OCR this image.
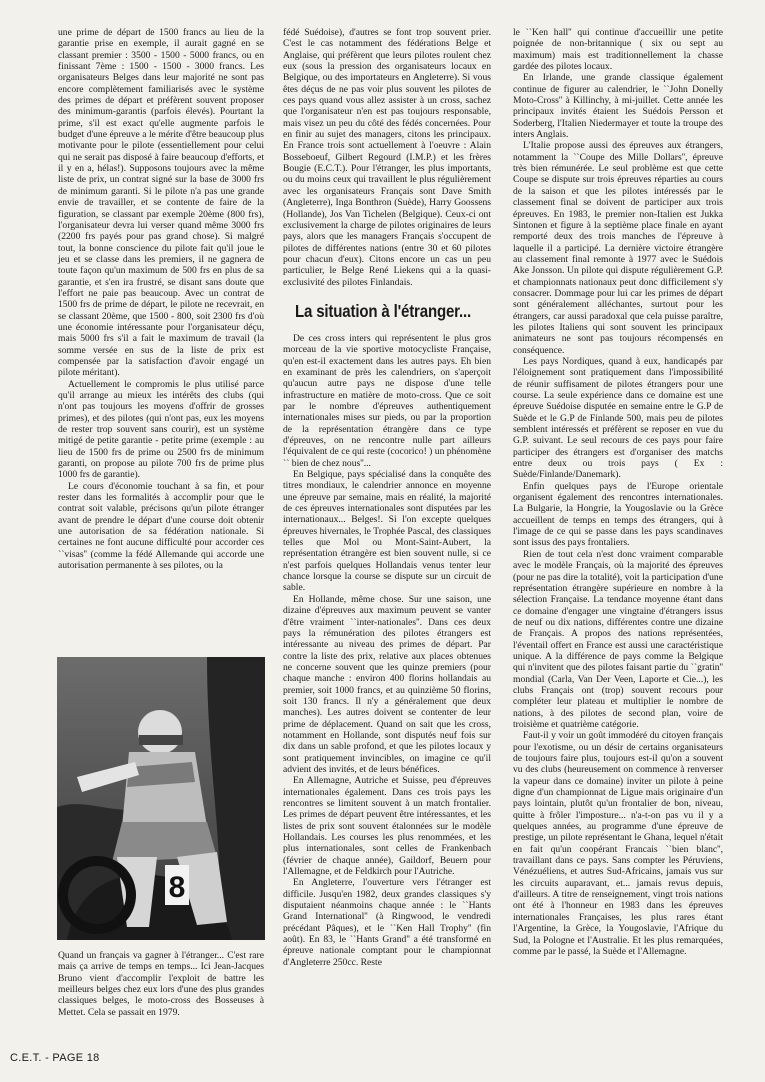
une prime de départ de 1500 francs au lieu de la garantie prise en exemple, il aurait gagné en se classant premier : 3500 - 1500 - 5000 francs, ou en finissant 7ème : 1500 - 1500 - 3000 francs. Les organisateurs Belges dans leur majorité ne sont pas encore complètement familiarisés avec le système des primes de départ et préfèrent souvent proposer des minimum-garantis (parfois élevés). Pourtant la prime, s'il est exact qu'elle augmente parfois le budget d'une épreuve a le mérite d'être beaucoup plus motivante pour le pilote (essentiellement pour celui qui ne serait pas disposé à faire beaucoup d'efforts, et il y en a, hélas!). Supposons toujours avec la même liste de prix, un contrat signé sur la base de 3000 frs de minimum garanti. Si le pilote n'a pas une grande envie de travailler, et se contente de faire de la figuration, se classant par exemple 20ème (800 frs), l'organisateur devra lui verser quand même 3000 frs (2200 frs payés pour pas grand chose). Si malgré tout, la bonne conscience du pilote fait qu'il joue le jeu et se classe dans les premiers, il ne gagnera de toute façon qu'un maximum de 500 frs en plus de sa garantie, et s'en ira frustré, se disant sans doute que l'effort ne paie pas beaucoup. Avec un contrat de 1500 frs de prime de départ, le pilote ne recevrait, en se classant 20ème, que 1500 - 800, soit 2300 frs d'où une économie intéressante pour l'organisateur déçu, mais 5000 frs s'il a fait le maximum de travail (la somme versée en sus de la liste de prix est compensée par la satisfaction d'avoir engagé un pilote méritant).

Actuellement le compromis le plus utilisé parce qu'il arrange au mieux les intérêts des clubs (qui n'ont pas toujours les moyens d'offrir de grosses primes), et des pilotes (qui n'ont pas, eux les moyens de rester trop souvent sans courir), est un système mitigé de petite garantie - petite prime (exemple : au lieu de 1500 frs de prime ou 2500 frs de minimum garanti, on propose au pilote 700 frs de prime plus 1000 frs de garantie).

Le cours d'économie touchant à sa fin, et pour rester dans les formalités à accomplir pour que le contrat soit valable, précisons qu'un pilote étranger avant de prendre le départ d'une course doit obtenir une autorisation de sa fédération nationale. Si certaines ne font aucune difficulté pour accorder ces ``visas'' (comme la fédé Allemande qui accorde une autorisation permanente à ses pilotes, ou la

8

Quand un français va gagner à l'étranger... C'est rare mais ça arrive de temps en temps... Ici Jean-Jacques Bruno vient d'accomplir l'exploit de battre les meilleurs belges chez eux lors d'une des plus grandes classiques belges, le moto-cross des Bosseuses à Mettet. Cela se passait en 1979.

fédé Suédoise), d'autres se font trop souvent prier. C'est le cas notamment des fédérations Belge et Anglaise, qui préfèrent que leurs pilotes roulent chez eux (sous la pression des organisateurs locaux en Belgique, ou des importateurs en Angleterre). Si vous êtes déçus de ne pas voir plus souvent les pilotes de ces pays quand vous allez assister à un cross, sachez que l'organisateur n'en est pas toujours responsable, mais visez un peu du côté des fédés concernées. Pour en finir au sujet des managers, citons les principaux. En France trois sont actuellement à l'oeuvre : Alain Bosseboeuf, Gilbert Regourd (I.M.P.) et les frères Bougie (E.C.T.). Pour l'étranger, les plus importants, ou du moins ceux qui travaillent le plus régulièrement avec les organisateurs Français sont Dave Smith (Angleterre), Inga Bonthron (Suède), Harry Goossens (Hollande), Jos Van Tichelen (Belgique). Ceux-ci ont exclusivement la charge de pilotes originaires de leurs pays, alors que les managers Français s'occupent de pilotes de différentes nations (entre 30 et 60 pilotes pour chacun d'eux). Citons encore un cas un peu particulier, le Belge René Liekens qui a la quasi-exclusivité des pilotes Finlandais.

La situation à l'étranger...

De ces cross inters qui représentent le plus gros morceau de la vie sportive motocycliste Française, qu'en est-il exactement dans les autres pays. Eh bien en examinant de près les calendriers, on s'aperçoit qu'aucun autre pays ne dispose d'une telle infrastructure en matière de moto-cross. Que ce soit par le nombre d'épreuves authentiquement internationales mises sur pieds, ou par la proportion de la représentation étrangère dans ce type d'épreuves, on ne rencontre nulle part ailleurs l'équivalent de ce qui reste (cocorico! ) un phénomène `` bien de chez nous''...

En Belgique, pays spécialisé dans la conquête des titres mondiaux, le calendrier annonce en moyenne une épreuve par semaine, mais en réalité, la majorité de ces épreuves internationales sont disputées par les internationaux... Belges!. Si l'on excepte quelques épreuves hivernales, le Trophée Pascal, des classiques telles que Mol ou Mont-Saint-Aubert, la représentation étrangère est bien souvent nulle, si ce n'est parfois quelques Hollandais venus tenter leur chance lorsque la course se dispute sur un circuit de sable.

En Hollande, même chose. Sur une saison, une dizaine d'épreuves aux maximum peuvent se vanter d'être vraiment ``inter-nationales''. Dans ces deux pays la rémunération des pilotes étrangers est intéressante au niveau des primes de départ. Par contre la liste des prix, relative aux places obtenues ne concerne souvent que les quinze premiers (pour chaque manche : environ 400 florins hollandais au premier, soit 1000 francs, et au quinzième 50 florins, soit 130 francs. Il n'y a généralement que deux manches). Les autres doivent se contenter de leur prime de déplacement. Quand on sait que les cross, notamment en Hollande, sont disputés neuf fois sur dix dans un sable profond, et que les pilotes locaux y sont pratiquement invincibles, on imagine ce qu'il advient des invités, et de leurs bénéfices.

En Allemagne, Autriche et Suisse, peu d'épreuves internationales également. Dans ces trois pays les rencontres se limitent souvent à un match frontalier. Les primes de départ peuvent être intéressantes, et les listes de prix sont souvent étalonnées sur le modèle Hollandais. Les courses les plus renommées, et les plus internationales, sont celles de Frankenbach (février de chaque année), Gaildorf, Beuern pour l'Allemagne, et de Feldkirch pour l'Autriche.

En Angleterre, l'ouverture vers l'étranger est difficile. Jusqu'en 1982, deux grandes classiques s'y disputaient néanmoins chaque année : le ``Hants Grand International'' (à Ringwood, le vendredi précédant Pâques), et le ``Ken Hall Trophy'' (fin août). En 83, le ``Hants Grand'' a été transformé en épreuve nationale comptant pour le championnat d'Angleterre 250cc. Reste

le ``Ken hall'' qui continue d'accueillir une petite poignée de non-britannique ( six ou sept au maximum) mais est traditionnellement la chasse gardée des pilotes locaux.

En Irlande, une grande classique également continue de figurer au calendrier, le ``John Donelly Moto-Cross'' à Killinchy, à mi-juillet. Cette année les principaux invités étaient les Suédois Persson et Soderberg, l'Italien Niedermayer et toute la troupe des inters Anglais.

L'Italie propose aussi des épreuves aux étrangers, notamment la ``Coupe des Mille Dollars'', épreuve très bien rémunérée. Le seul problème est que cette Coupe se dispute sur trois épreuves réparties au cours de la saison et que les pilotes intéressés par le classement final se doivent de participer aux trois épreuves. En 1983, le premier non-Italien est Jukka Sintonen et figure à la septième place finale en ayant remporté deux des trois manches de l'épreuve à laquelle il a participé. La dernière victoire étrangère au classement final remonte à 1977 avec le Suédois Ake Jonsson. Un pilote qui dispute régulièrement G.P. et championnats nationaux peut donc difficilement s'y consacrer. Dommage pour lui car les primes de départ sont généralement alléchantes, surtout pour les étrangers, car aussi paradoxal que cela puisse paraître, les pilotes Italiens qui sont souvent les principaux animateurs ne sont pas toujours récompensés en conséquence.

Les pays Nordiques, quand à eux, handicapés par l'éloignement sont pratiquement dans l'impossibilité de réunir suffisament de pilotes étrangers pour une course. La seule expérience dans ce domaine est une épreuve Suédoise disputée en semaine entre le G.P de Suède et le G.P de Finlande 500, mais peu de pilotes semblent intéressés et préfèrent se reposer en vue du G.P. suivant. Le seul recours de ces pays pour faire participer des étrangers est d'organiser des matchs entre deux ou trois pays ( Ex : Suède/Finlande/Danemark).

Enfin quelques pays de l'Europe orientale organisent également des rencontres internationales. La Bulgarie, la Hongrie, la Yougoslavie ou la Grèce accueillent de temps en temps des étrangers, qui à l'image de ce qui se passe dans les pays scandinaves sont issus des pays frontaliers.

Rien de tout cela n'est donc vraiment comparable avec le modèle Français, où la majorité des épreuves (pour ne pas dire la totalité), voit la participation d'une représentation étrangère supérieure en nombre à la sélection Française. La tendance moyenne étant dans ce domaine d'engager une vingtaine d'étrangers issus de neuf ou dix nations, différentes contre une dizaine de Français. A propos des nations représentées, l'éventail offert en France est aussi une caractéristique unique. A la différence de pays comme la Belgique qui n'invitent que des pilotes faisant partie du ``gratin'' mondial (Carla, Van Der Veen, Laporte et Cie...), les clubs Français ont (trop) souvent recours pour compléter leur plateau et multiplier le nombre de nations, à des pilotes de second plan, voire de troisième et quatrième catégorie.

Faut-il y voir un goût immodéré du citoyen français pour l'exotisme, ou un désir de certains organisateurs de toujours faire plus, toujours est-il qu'on a souvent vu des clubs (heureusement on commence à renverser la vapeur dans ce domaine) inviter un pilote à peine digne d'un championnat de Ligue mais originaire d'un pays lointain, plutôt qu'un frontalier de bon, niveau, quitte à frôler l'imposture... n'a-t-on pas vu il y a quelques années, au programme d'une épreuve de prestige, un pilote représentant le Ghana, lequel n'était en fait qu'un coopérant Francais ``bien blanc'', travaillant dans ce pays. Sans compter les Péruviens, Vénézuéliens, et autres Sud-Africains, jamais vus sur les circuits auparavant, et... jamais revus depuis, d'ailleurs. A titre de renseignement, vingt trois nations ont été à l'honneur en 1983 dans les épreuves internationales Françaises, les plus rares étant l'Argentine, la Grèce, la Yougoslavie, l'Afrique du Sud, la Pologne et l'Australie. Et les plus remarquées, comme par le passé, la Suède et l'Allemagne.

C.E.T. - PAGE 18
